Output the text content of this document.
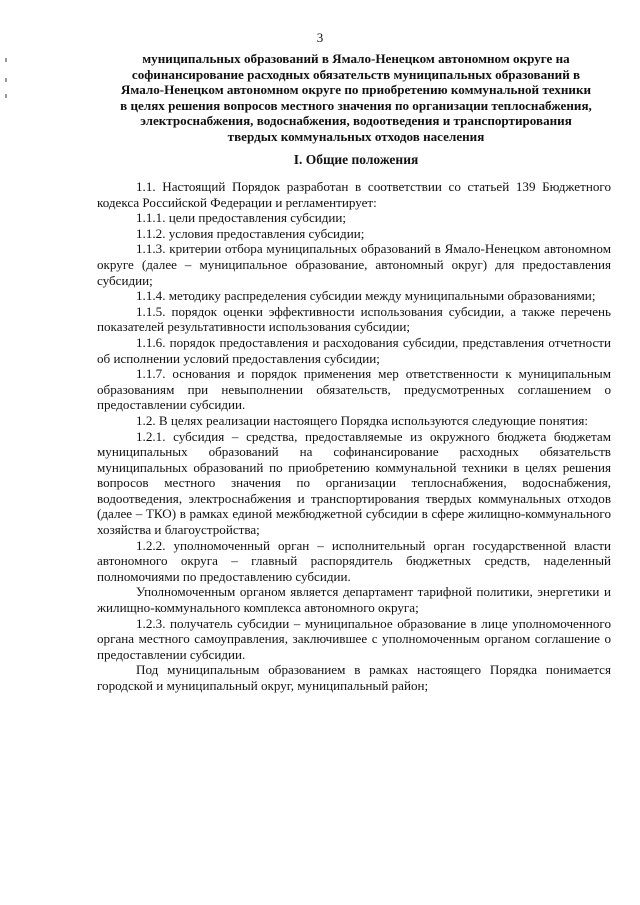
3
муниципальных образований в Ямало-Ненецком автономном округе на
софинансирование расходных обязательств муниципальных образований в
Ямало-Ненецком автономном округе по приобретению коммунальной техники
в целях решения вопросов местного значения по организации теплоснабжения,
электроснабжения, водоснабжения, водоотведения и транспортирования
твердых коммунальных отходов населения
I. Общие положения

1.1. Настоящий Порядок разработан в соответствии со статьей 139 Бюджетного кодекса Российской Федерации и регламентирует:

1.1.1. цели предоставления субсидии;

1.1.2. условия предоставления субсидии;

1.1.3. критерии отбора муниципальных образований в Ямало-Ненецком автономном округе (далее – муниципальное образование, автономный округ) для предоставления субсидии;

1.1.4. методику распределения субсидии между муниципальными образованиями;

1.1.5. порядок оценки эффективности использования субсидии, а также перечень показателей результативности использования субсидии;

1.1.6. порядок предоставления и расходования субсидии, представления отчетности об исполнении условий предоставления субсидии;

1.1.7. основания и порядок применения мер ответственности к муниципальным образованиям при невыполнении обязательств, предусмотренных соглашением о предоставлении субсидии.

1.2. В целях реализации настоящего Порядка используются следующие понятия:

1.2.1. субсидия – средства, предоставляемые из окружного бюджета бюджетам муниципальных образований на софинансирование расходных обязательств муниципальных образований по приобретению коммунальной техники в целях решения вопросов местного значения по организации теплоснабжения, водоснабжения, водоотведения, электроснабжения и транспортирования твердых коммунальных отходов (далее – ТКО) в рамках единой межбюджетной субсидии в сфере жилищно-коммунального хозяйства и благоустройства;

1.2.2. уполномоченный орган – исполнительный орган государственной власти автономного округа – главный распорядитель бюджетных средств, наделенный полномочиями по предоставлению субсидии.

Уполномоченным органом является департамент тарифной политики, энергетики и жилищно-коммунального комплекса автономного округа;

1.2.3. получатель субсидии – муниципальное образование в лице уполномоченного органа местного самоуправления, заключившее с уполномоченным органом соглашение о предоставлении субсидии.

Под муниципальным образованием в рамках настоящего Порядка понимается городской и муниципальный округ, муниципальный район;
